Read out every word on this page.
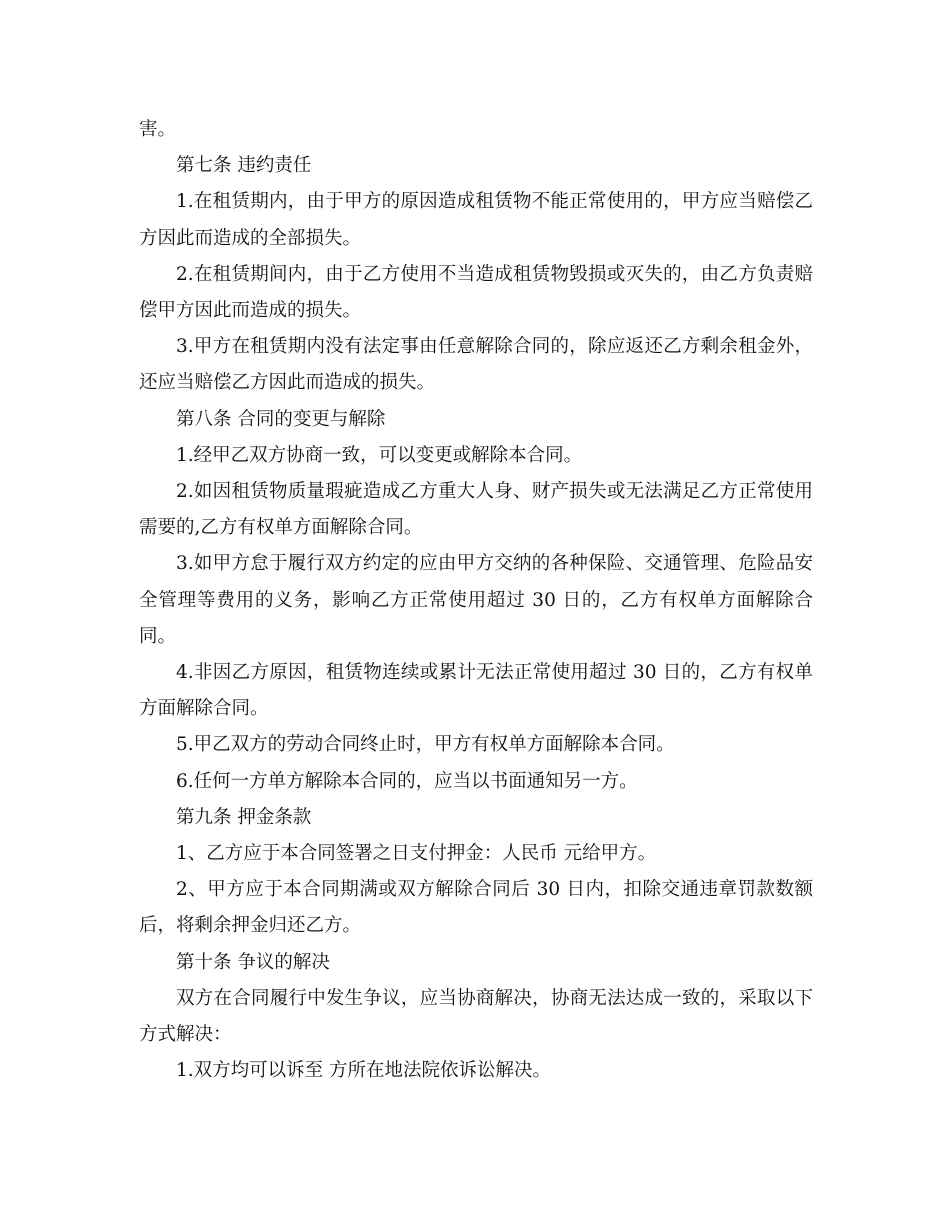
害。

第七条 违约责任

1.在租赁期内，由于甲方的原因造成租赁物不能正常使用的，甲方应当赔偿乙方因此而造成的全部损失。

2.在租赁期间内，由于乙方使用不当造成租赁物毁损或灭失的，由乙方负责赔偿甲方因此而造成的损失。

3.甲方在租赁期内没有法定事由任意解除合同的，除应返还乙方剩余租金外，还应当赔偿乙方因此而造成的损失。

第八条 合同的变更与解除

1.经甲乙双方协商一致，可以变更或解除本合同。

2.如因租赁物质量瑕疵造成乙方重大人身、财产损失或无法满足乙方正常使用需要的,乙方有权单方面解除合同。

3.如甲方怠于履行双方约定的应由甲方交纳的各种保险、交通管理、危险品安全管理等费用的义务，影响乙方正常使用超过 30 日的，乙方有权单方面解除合同。

4.非因乙方原因，租赁物连续或累计无法正常使用超过 30 日的，乙方有权单方面解除合同。

5.甲乙双方的劳动合同终止时，甲方有权单方面解除本合同。

6.任何一方单方解除本合同的，应当以书面通知另一方。

第九条 押金条款

1、乙方应于本合同签署之日支付押金：人民币 元给甲方。

2、甲方应于本合同期满或双方解除合同后 30 日内，扣除交通违章罚款数额后，将剩余押金归还乙方。

第十条 争议的解决

双方在合同履行中发生争议，应当协商解决，协商无法达成一致的，采取以下方式解决：

1.双方均可以诉至 方所在地法院依诉讼解决。
